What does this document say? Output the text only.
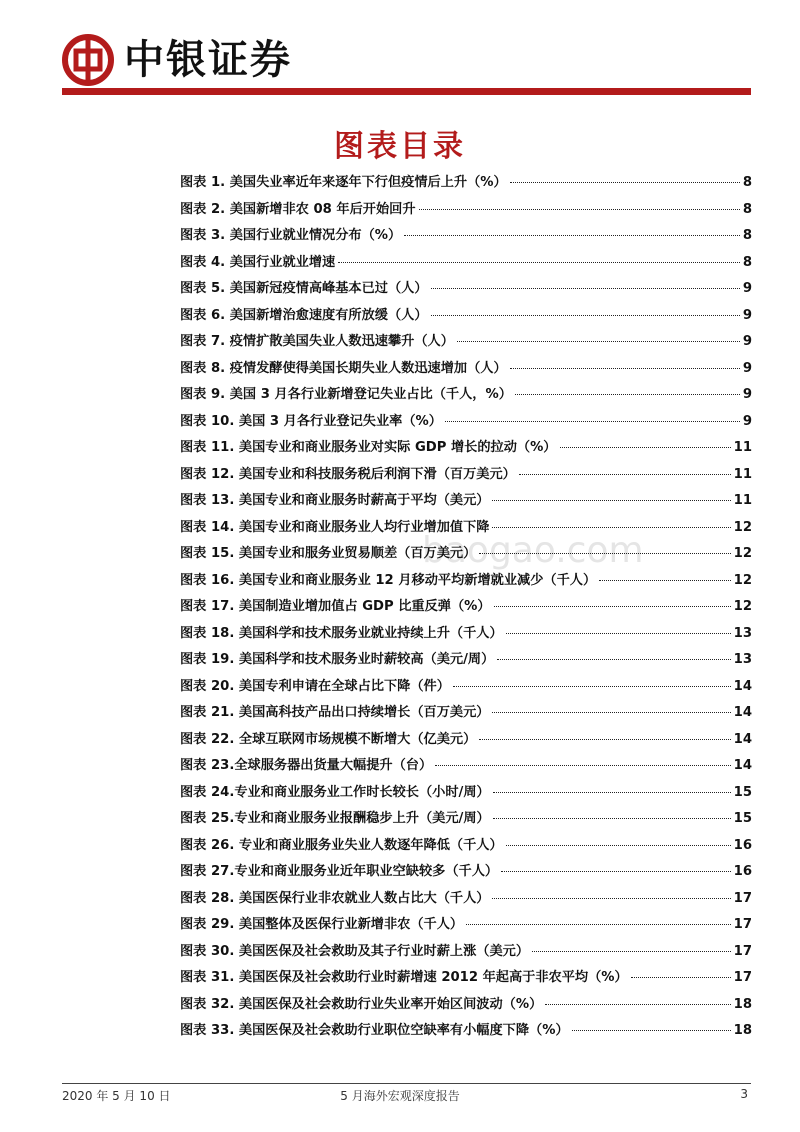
中银证券
图表目录
baogao.com
图表 1. 美国失业率近年来逐年下行但疫情后上升（%）	8
图表 2. 美国新增非农 08 年后开始回升	8
图表 3. 美国行业就业情况分布（%）	8
图表 4. 美国行业就业增速	8
图表 5. 美国新冠疫情高峰基本已过（人）	9
图表 6. 美国新增治愈速度有所放缓（人）	9
图表 7. 疫情扩散美国失业人数迅速攀升（人）	9
图表 8. 疫情发酵使得美国长期失业人数迅速增加（人）	9
图表 9. 美国 3 月各行业新增登记失业占比（千人，%）	9
图表 10. 美国 3 月各行业登记失业率（%）	9
图表 11. 美国专业和商业服务业对实际 GDP 增长的拉动（%）	11
图表 12. 美国专业和科技服务税后利润下滑（百万美元）	11
图表 13. 美国专业和商业服务时薪高于平均（美元）	11
图表 14. 美国专业和商业服务业人均行业增加值下降	12
图表 15. 美国专业和服务业贸易顺差（百万美元）	12
图表 16. 美国专业和商业服务业 12 月移动平均新增就业减少（千人）	12
图表 17. 美国制造业增加值占 GDP 比重反弹（%）	12
图表 18. 美国科学和技术服务业就业持续上升（千人）	13
图表 19. 美国科学和技术服务业时薪较高（美元/周）	13
图表 20. 美国专利申请在全球占比下降（件）	14
图表 21. 美国高科技产品出口持续增长（百万美元）	14
图表 22. 全球互联网市场规模不断增大（亿美元）	14
图表 23.全球服务器出货量大幅提升（台）	14
图表 24.专业和商业服务业工作时长较长（小时/周）	15
图表 25.专业和商业服务业报酬稳步上升（美元/周）	15
图表 26. 专业和商业服务业失业人数逐年降低（千人）	16
图表 27.专业和商业服务业近年职业空缺较多（千人）	16
图表 28. 美国医保行业非农就业人数占比大（千人）	17
图表 29. 美国整体及医保行业新增非农（千人）	17
图表 30. 美国医保及社会救助及其子行业时薪上涨（美元）	17
图表 31. 美国医保及社会救助行业时薪增速 2012 年起高于非农平均（%）	17
图表 32. 美国医保及社会救助行业失业率开始区间波动（%）	18
图表 33. 美国医保及社会救助行业职位空缺率有小幅度下降（%）	18
2020 年 5 月 10 日	5 月海外宏观深度报告	3
